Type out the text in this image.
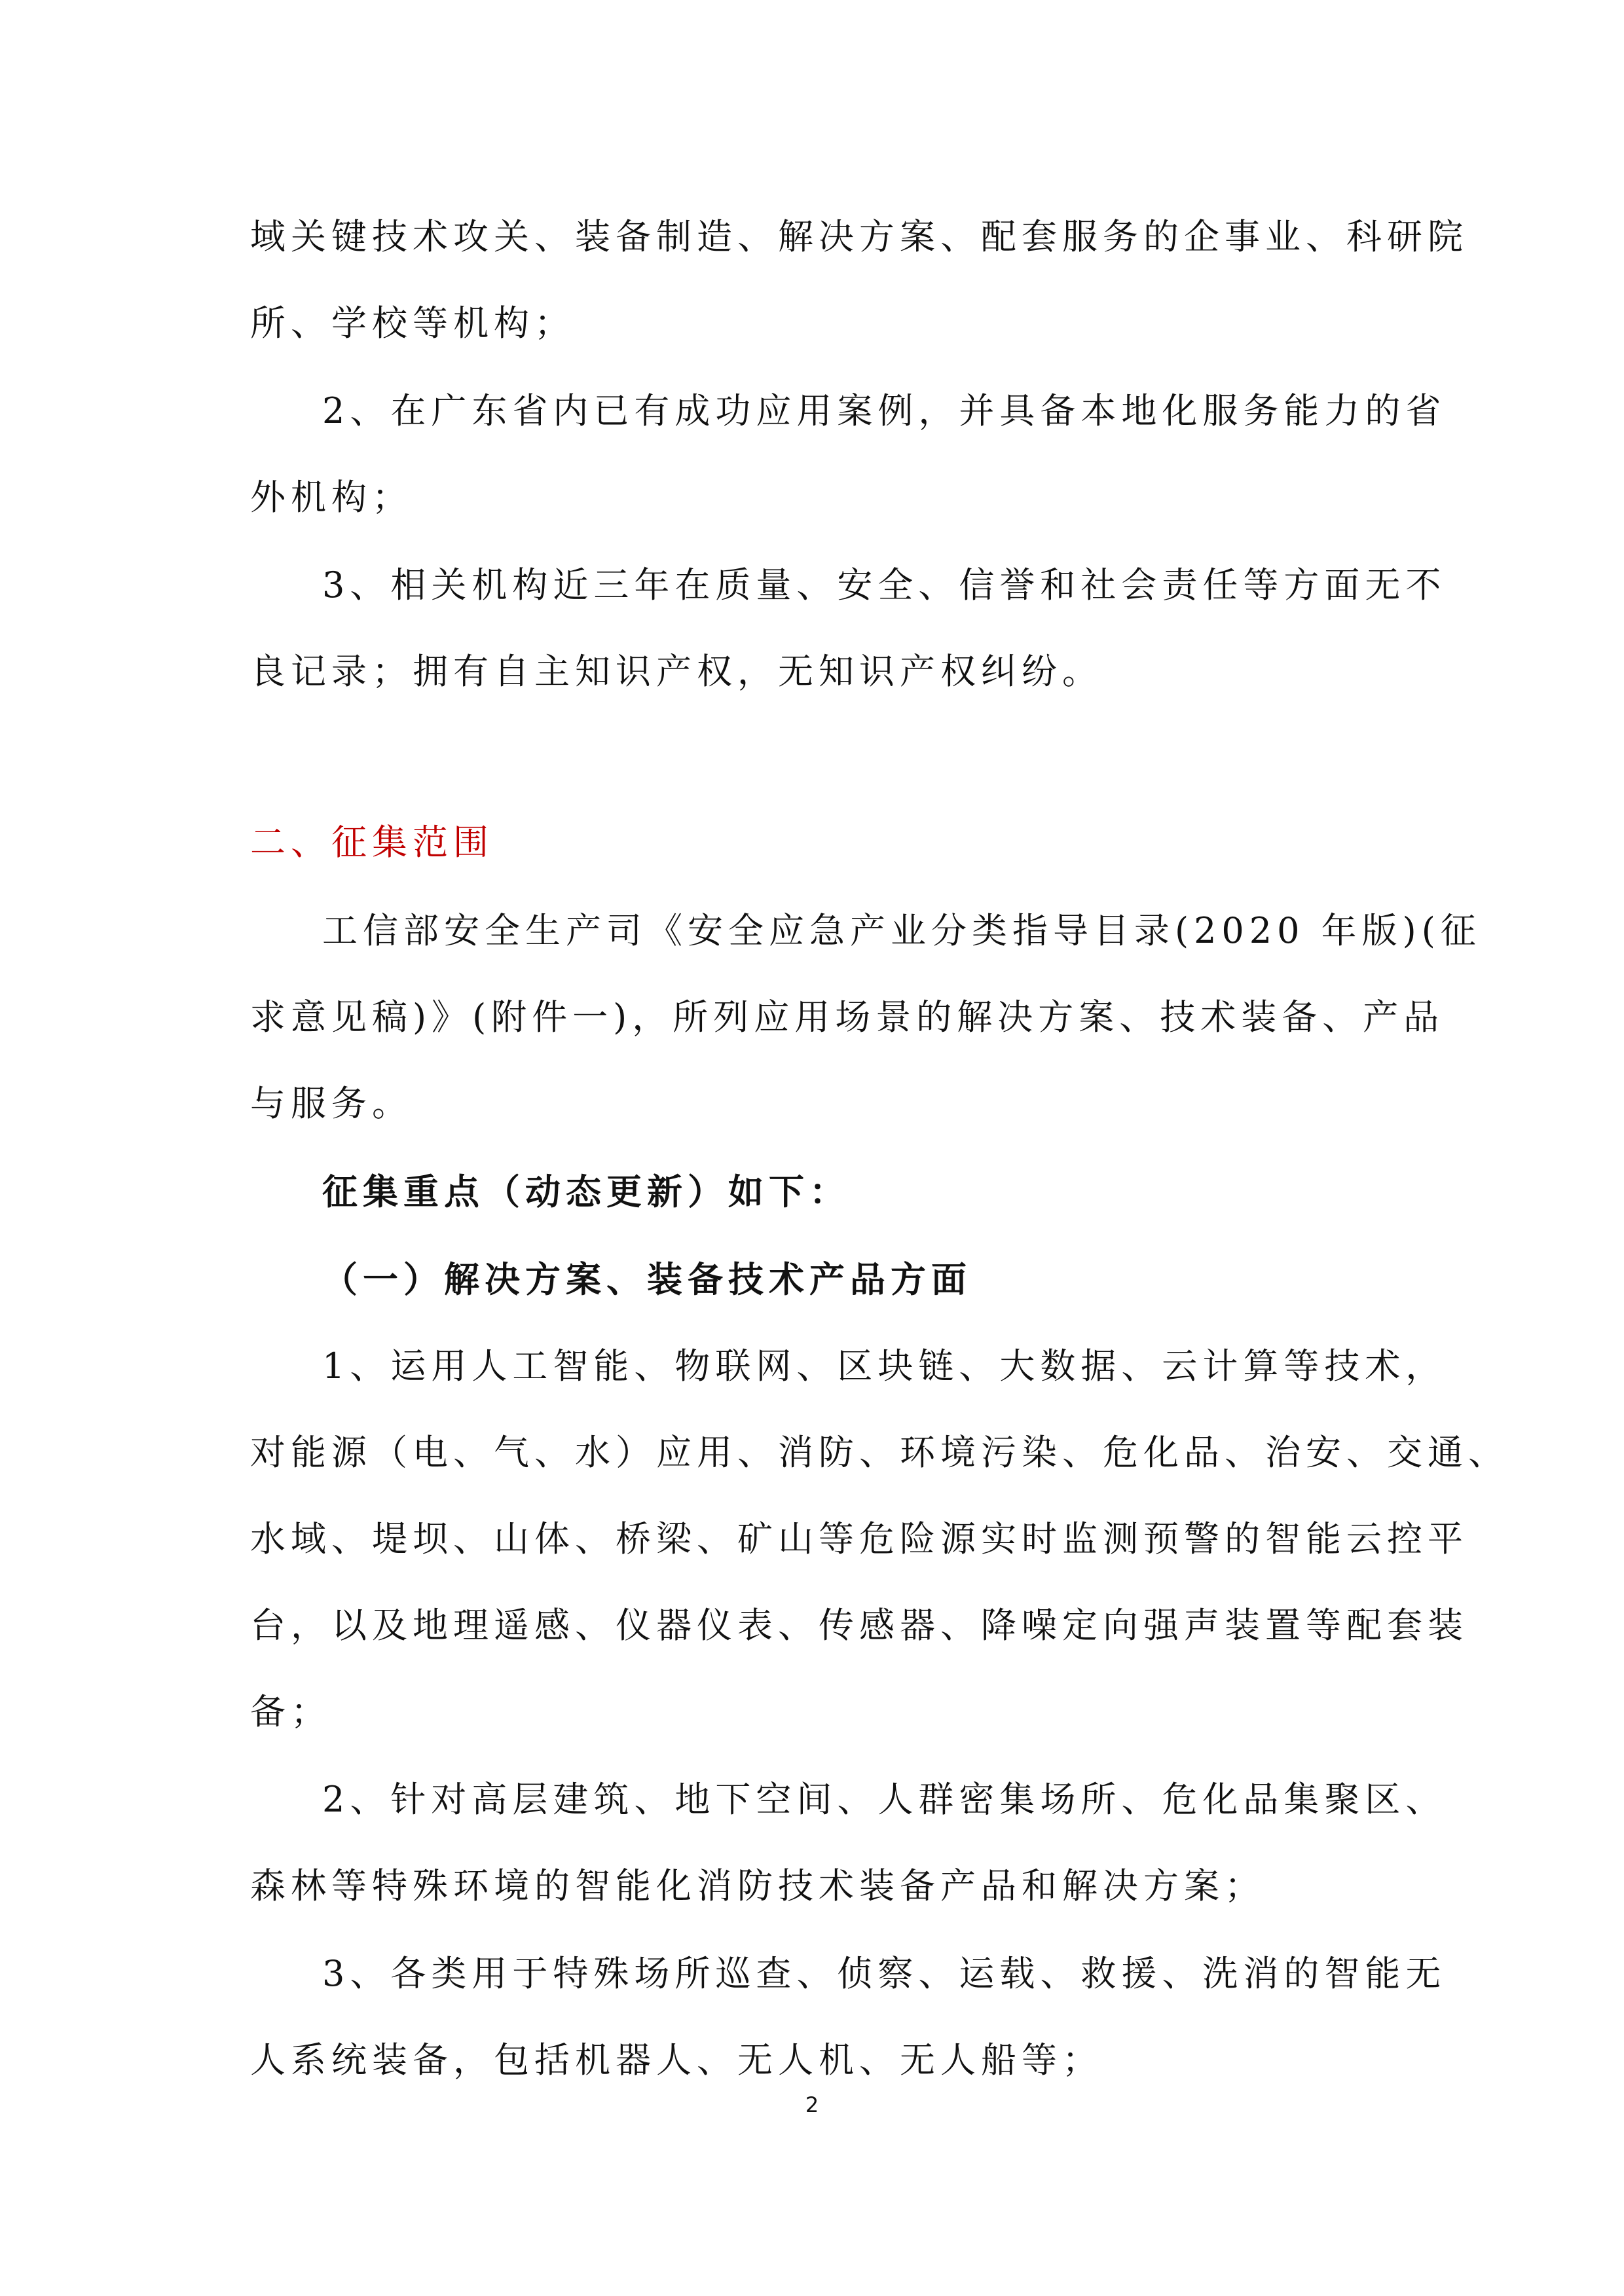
域关键技术攻关、装备制造、解决方案、配套服务的企事业、科研院
所、学校等机构；
2、在广东省内已有成功应用案例，并具备本地化服务能力的省
外机构；
3、相关机构近三年在质量、安全、信誉和社会责任等方面无不
良记录；拥有自主知识产权，无知识产权纠纷。
二、征集范围
工信部安全生产司《安全应急产业分类指导目录(2020 年版)(征
求意见稿)》(附件一)，所列应用场景的解决方案、技术装备、产品
与服务。
征集重点（动态更新）如下：
（一）解决方案、装备技术产品方面
1、运用人工智能、物联网、区块链、大数据、云计算等技术，
对能源（电、气、水）应用、消防、环境污染、危化品、治安、交通、
水域、堤坝、山体、桥梁、矿山等危险源实时监测预警的智能云控平
台，以及地理遥感、仪器仪表、传感器、降噪定向强声装置等配套装
备；
2、针对高层建筑、地下空间、人群密集场所、危化品集聚区、
森林等特殊环境的智能化消防技术装备产品和解决方案；
3、各类用于特殊场所巡查、侦察、运载、救援、洗消的智能无
人系统装备，包括机器人、无人机、无人船等；
2
